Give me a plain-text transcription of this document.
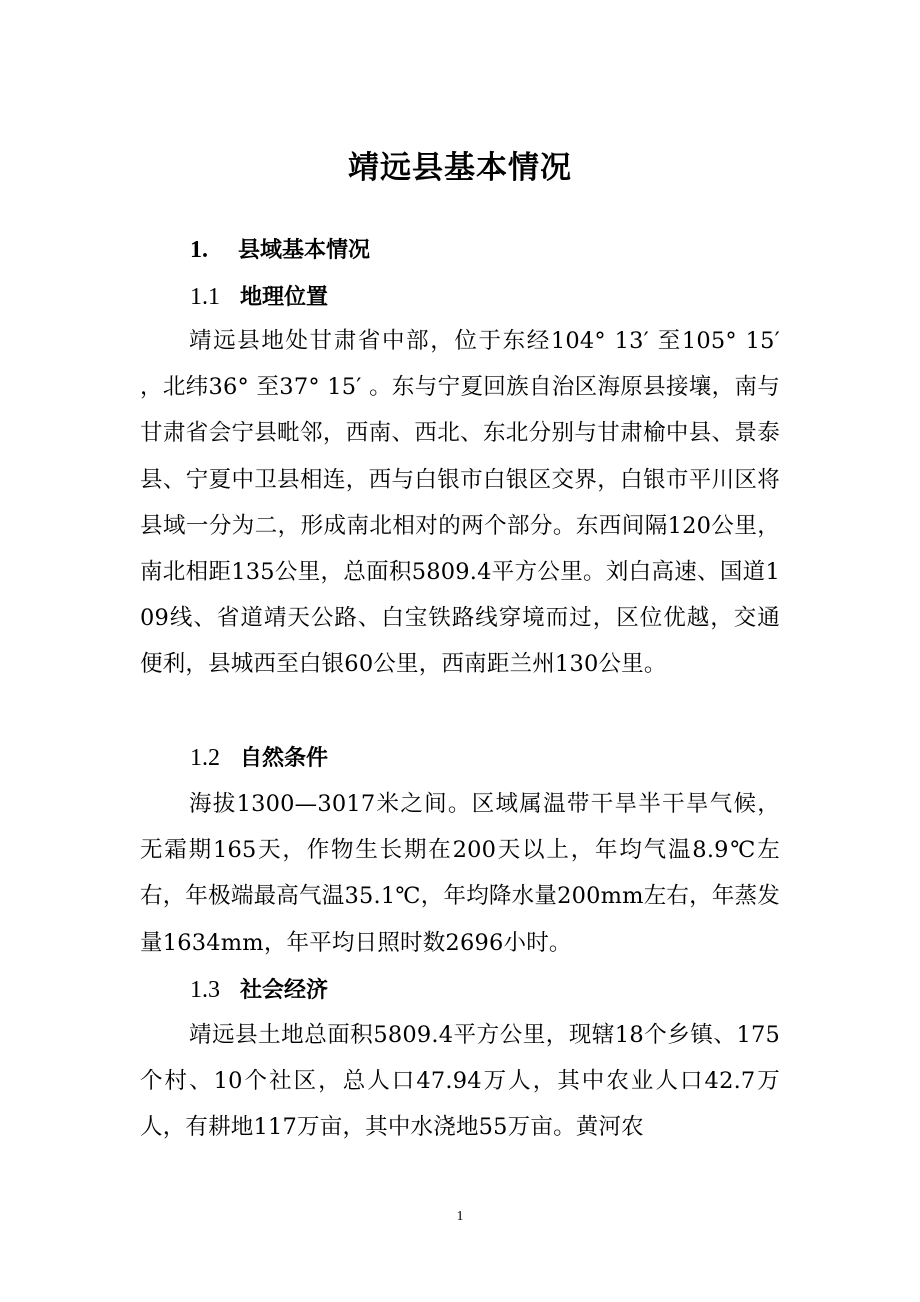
靖远县基本情况
1. 县域基本情况
1.1 地理位置
靖远县地处甘肃省中部，位于东经104° 13′ 至105° 15′ ，北纬36° 至37° 15′ 。东与宁夏回族自治区海原县接壤，南与甘肃省会宁县毗邻，西南、西北、东北分别与甘肃榆中县、景泰县、宁夏中卫县相连，西与白银市白银区交界，白银市平川区将县域一分为二，形成南北相对的两个部分。东西间隔120公里，南北相距135公里，总面积5809.4平方公里。刘白高速、国道109线、省道靖天公路、白宝铁路线穿境而过，区位优越，交通便利，县城西至白银60公里，西南距兰州130公里。
1.2 自然条件
海拔1300—3017米之间。区域属温带干旱半干旱气候，无霜期165天，作物生长期在200天以上，年均气温8.9℃左右，年极端最高气温35.1℃，年均降水量200mm左右，年蒸发量1634mm，年平均日照时数2696小时。
1.3 社会经济
靖远县土地总面积5809.4平方公里，现辖18个乡镇、175个村、10个社区，总人口47.94万人，其中农业人口42.7万人，有耕地117万亩，其中水浇地55万亩。黄河农
1
